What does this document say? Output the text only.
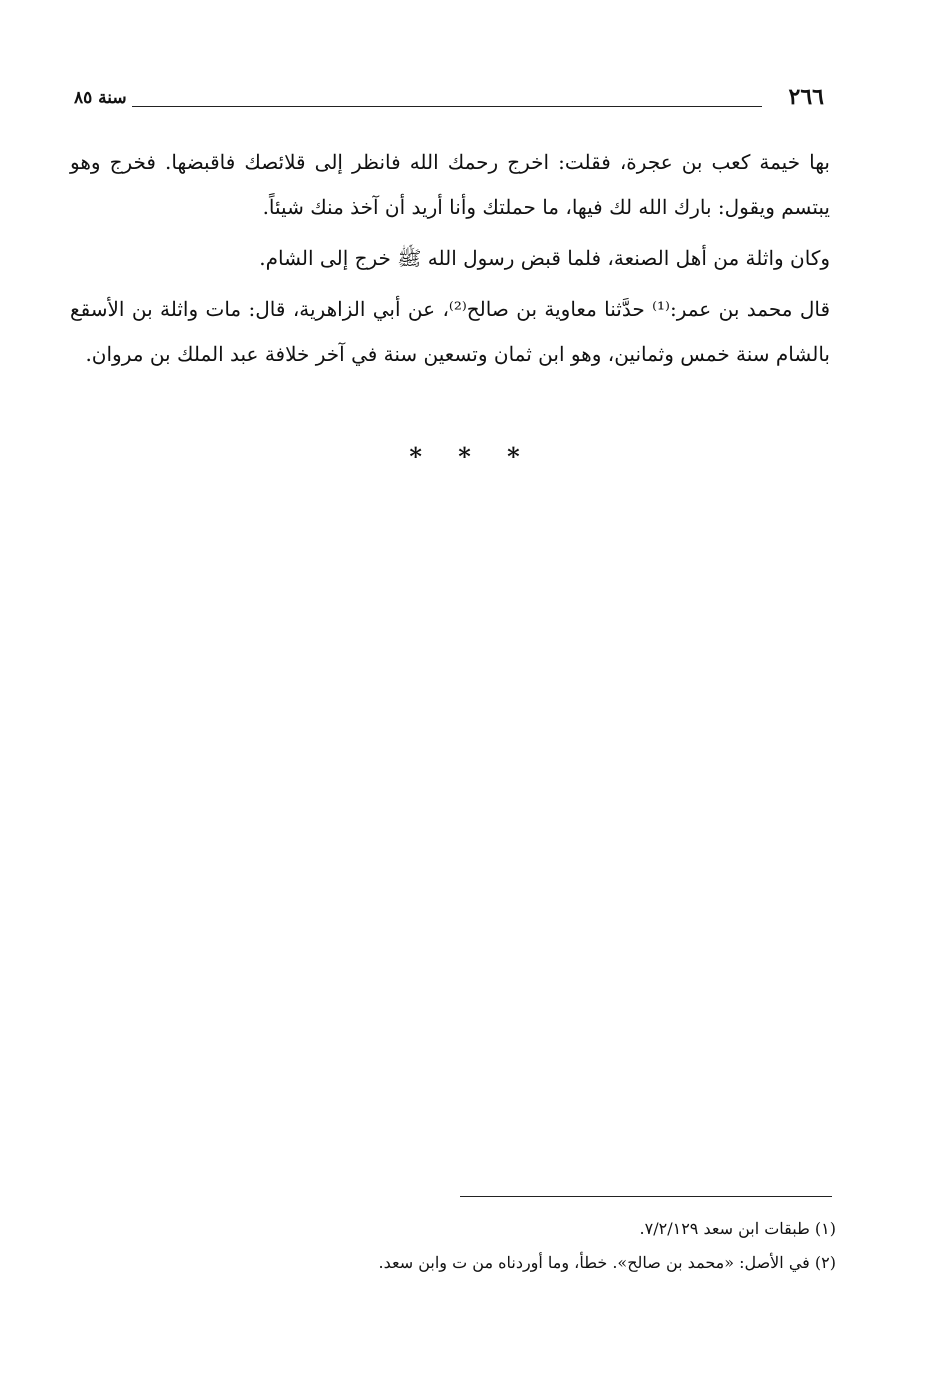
٢٦٦
سنة ٨٥

بها خيمة كعب بن عجرة، فقلت: اخرج رحمك الله فانظر إلى قلائصك فاقبضها. فخرج وهو يبتسم ويقول: بارك الله لك فيها، ما حملتك وأنا أريد أن آخذ منك شيئاً.

وكان واثلة من أهل الصنعة، فلما قبض رسول الله ﷺ خرج إلى الشام.

قال محمد بن عمر:⁽¹⁾ حدَّثنا معاوية بن صالح⁽²⁾، عن أبي الزاهرية، قال: مات واثلة بن الأسقع بالشام سنة خمس وثمانين، وهو ابن ثمان وتسعين سنة في آخر خلافة عبد الملك بن مروان.

* * *

(١) طبقات ابن سعد ٧/٢/١٢٩.

(٢) في الأصل: «محمد بن صالح». خطأ، وما أوردناه من ت وابن سعد.
